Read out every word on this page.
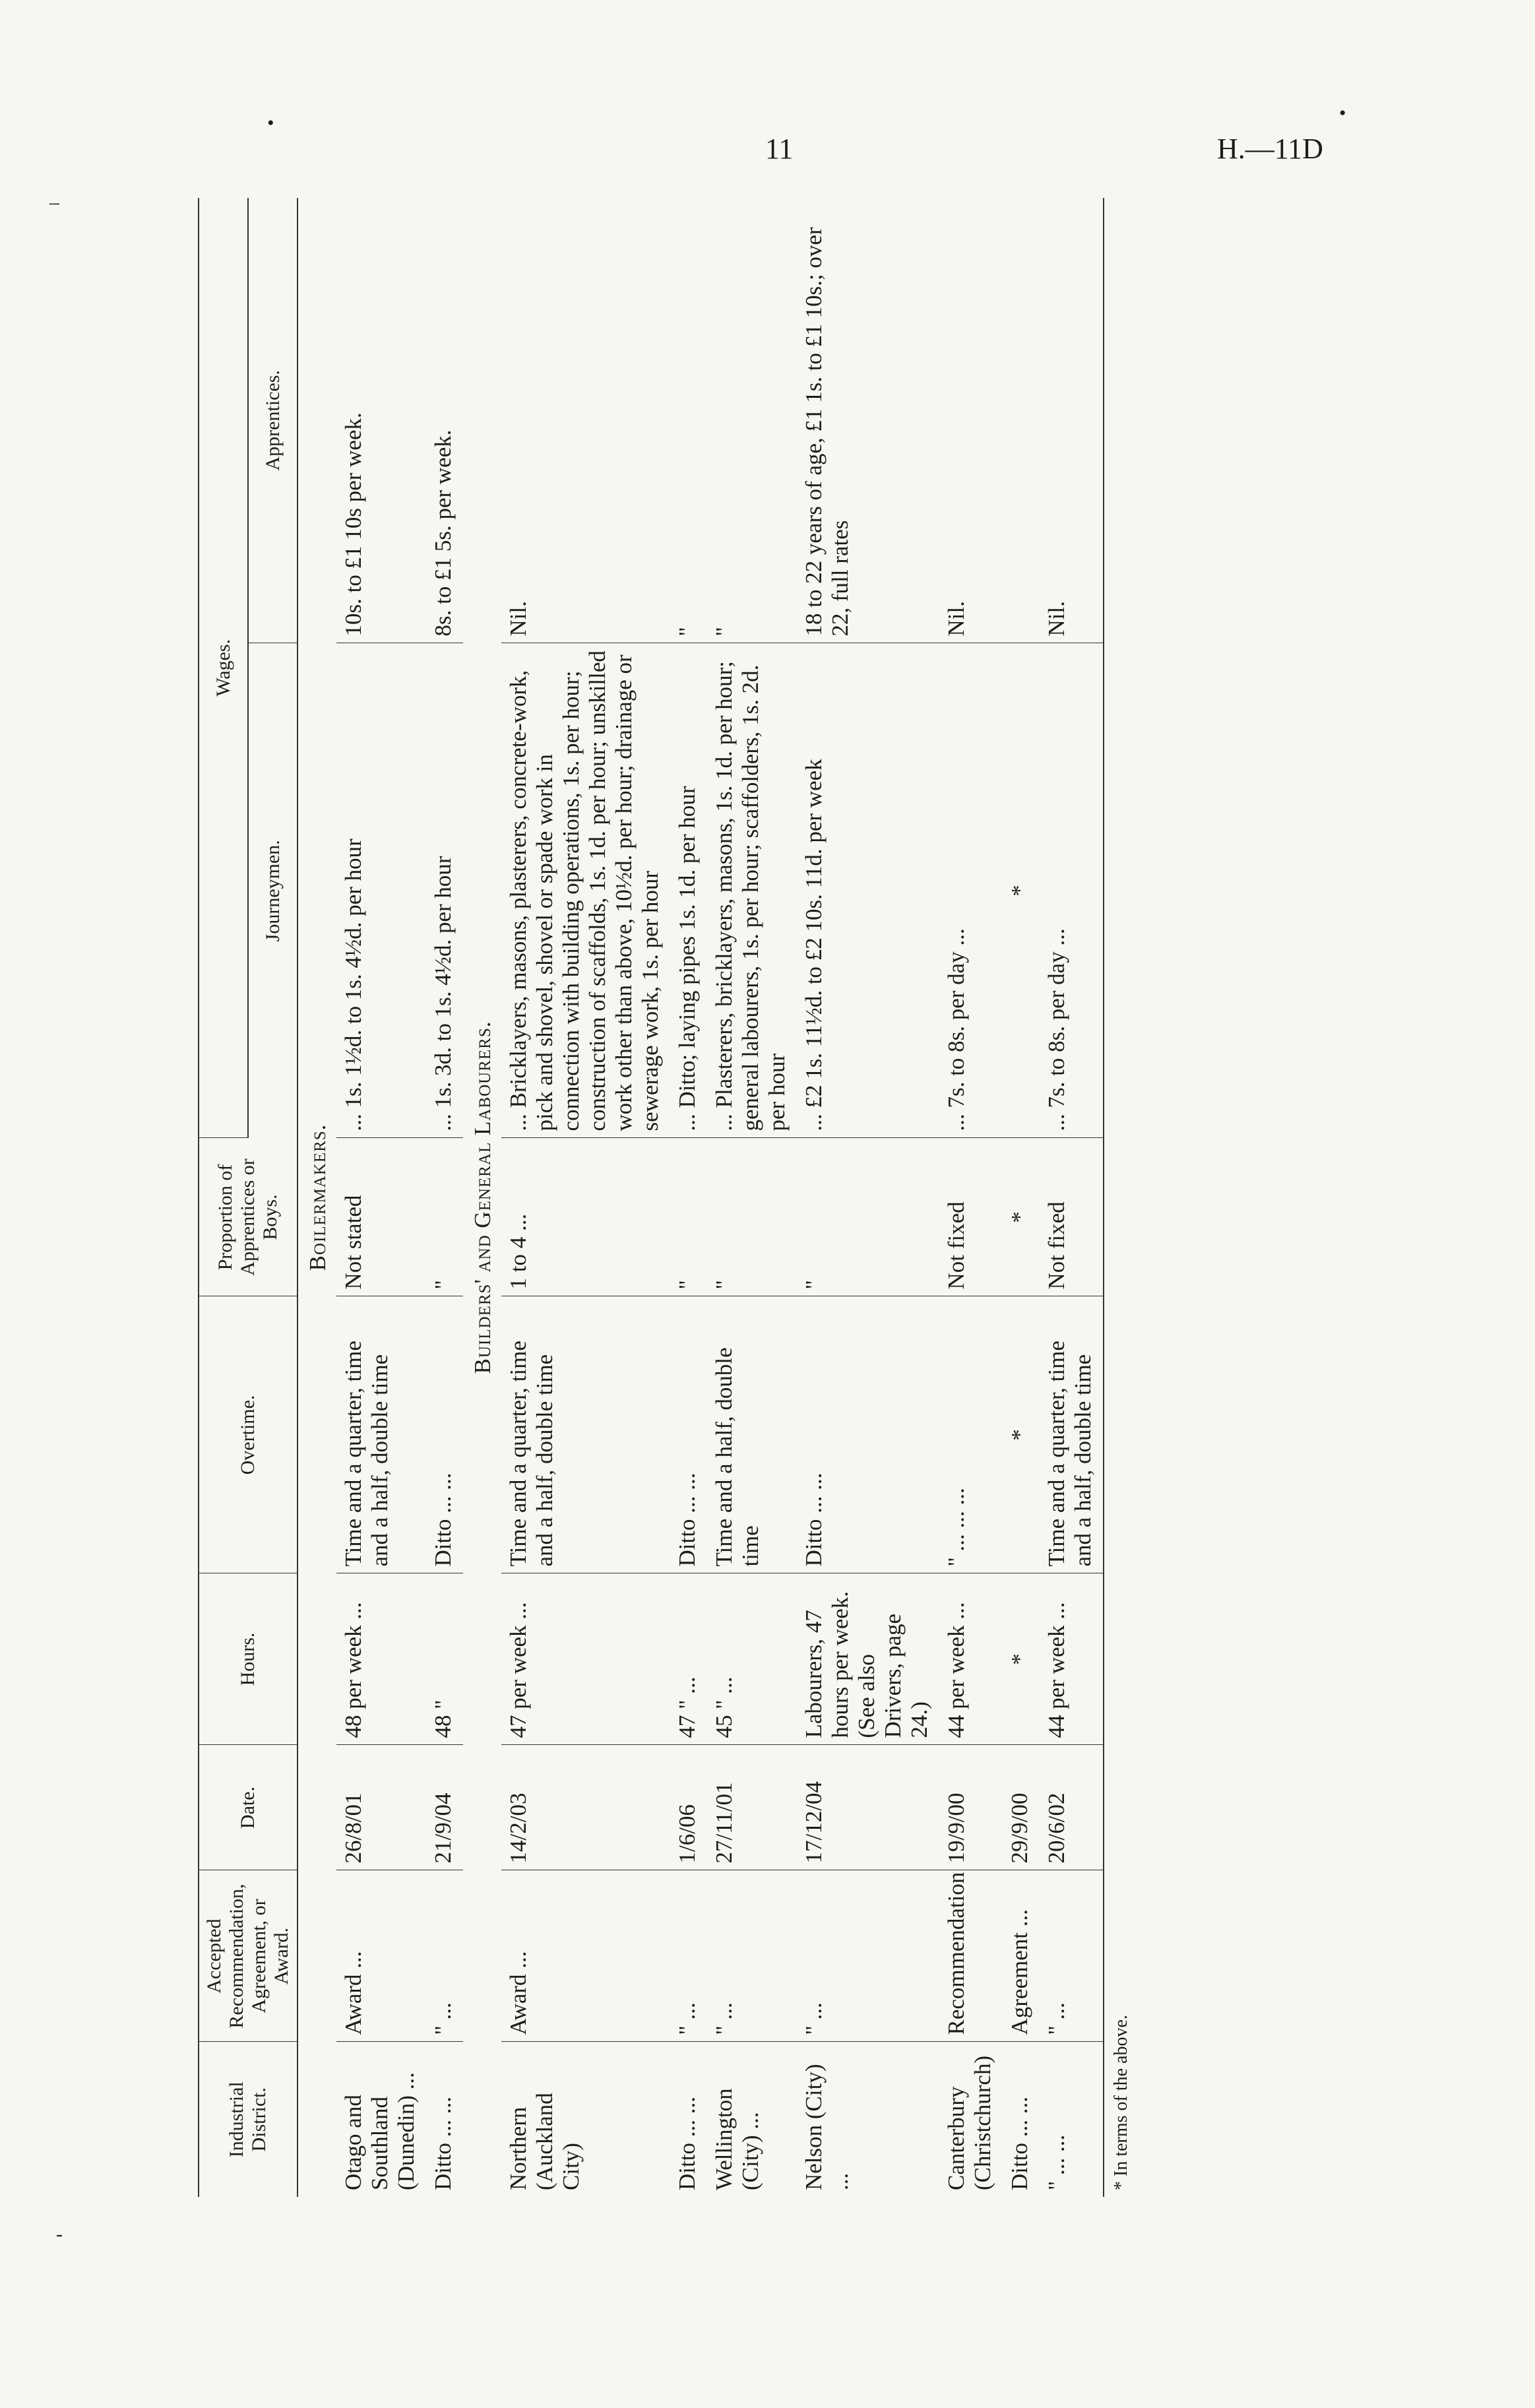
11	H.—11D
•	•
‒
-
Industrial District.	Accepted Recommendation, Agreement, or Award.	Date.	Hours.	Overtime.	Proportion of Apprentices or Boys.	Wages.	
						Journeymen.	Apprentices.
Boilermakers.							
Otago and Southland (Dunedin) ...	Award ...	26/8/01	48 per week ...	Time and a quarter, time and a half, double time	Not stated	... 1s. 1½d. to 1s. 4½d. per hour	10s. to £1 10s per week.
Ditto ... ...	" ...	21/9/04	48 "	Ditto ... ...	"	... 1s. 3d. to 1s. 4½d. per hour	8s. to £1 5s. per week.
Builders' and General Labourers.							
Northern (Auckland City)	Award ...	14/2/03	47 per week ...	Time and a quarter, time and a half, double time	1 to 4 ...	... Bricklayers, masons, plasterers, concrete-work, pick and shovel, shovel or spade work in connection with building operations, 1s. per hour; construction of scaffolds, 1s. 1d. per hour; unskilled work other than above, 10½d. per hour; drainage or sewerage work, 1s. per hour	Nil.
Ditto ... ...	" ...	1/6/06	47 " ...	Ditto ... ...	"	... Ditto; laying pipes 1s. 1d. per hour	"
Wellington (City) ...	" ...	27/11/01	45 " ...	Time and a half, double time	"	... Plasterers, bricklayers, masons, 1s. 1d. per hour; general labourers, 1s. per hour; scaffolders, 1s. 2d. per hour	"
Nelson (City) ...	" ...	17/12/04	Labourers, 47 hours per week. (See also Drivers, page 24.)	Ditto ... ...	"	... £2 1s. 11½d. to £2 10s. 11d. per week	18 to 22 years of age, £1 1s. to £1 10s.; over 22, full rates
Canterbury (Christchurch)	Recommendation	19/9/00	44 per week ...	" ... ... ...	Not fixed	... 7s. to 8s. per day ...	Nil.
Ditto ... ...	Agreement ...	29/9/00	*	*	*	*	
" ... ...	" ...	20/6/02	44 per week ...	Time and a quarter, time and a half, double time	Not fixed	... 7s. to 8s. per day ...	Nil.
* In terms of the above.							
